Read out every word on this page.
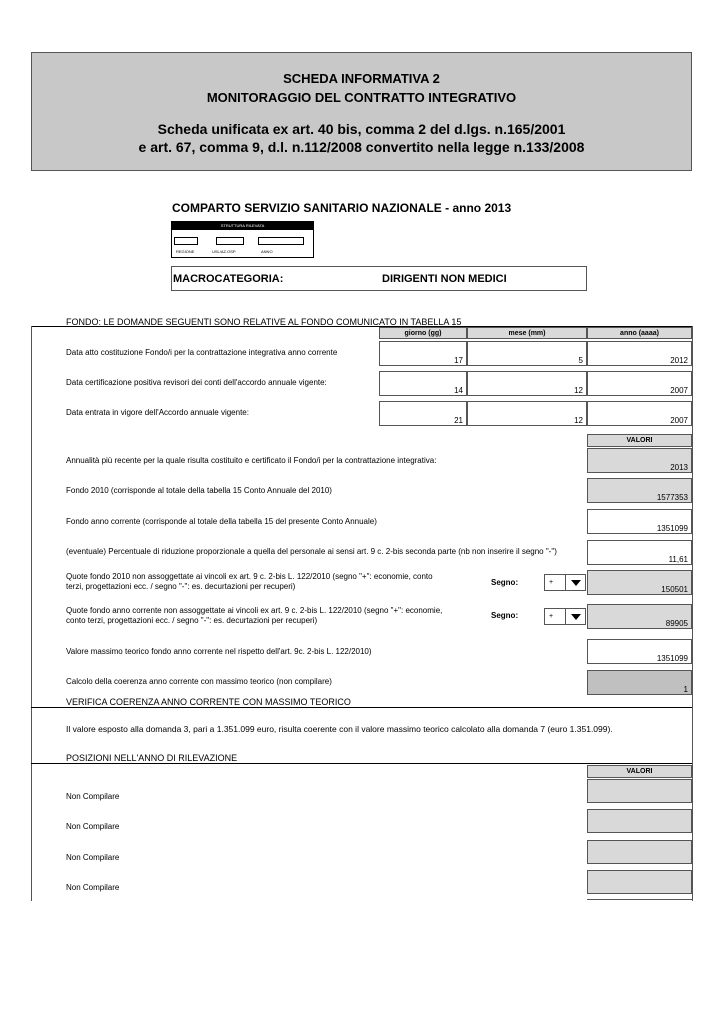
SCHEDA INFORMATIVA 2
MONITORAGGIO DEL CONTRATTO INTEGRATIVO
Scheda unificata ex art. 40 bis, comma 2 del d.lgs. n.165/2001
e art. 67, comma 9, d.l. n.112/2008 convertito nella legge n.133/2008
COMPARTO SERVIZIO SANITARIO NAZIONALE - anno 2013
STRUTTURA RILEVATA
REGIONE	USL/AZ.OSP.	ANNO
MACROCATEGORIA:	DIRIGENTI NON MEDICI
FONDO: LE DOMANDE SEGUENTI SONO RELATIVE AL FONDO COMUNICATO IN TABELLA 15
giorno (gg)	mese (mm)	anno (aaaa)
Data atto costituzione Fondo/i per la contrattazione integrativa anno corrente
17	5	2012
Data certificazione positiva revisori dei conti dell'accordo annuale vigente:
14	12	2007
Data entrata in vigore dell'Accordo annuale vigente:
21	12	2007
VALORI
Annualità più recente per la quale risulta costituito e certificato il Fondo/i per la contrattazione integrativa:
2013
Fondo 2010 (corrisponde al totale della tabella 15 Conto Annuale del 2010)
1577353
Fondo anno corrente (corrisponde al totale della tabella 15 del presente Conto Annuale)
1351099
(eventuale) Percentuale di riduzione proporzionale a quella del personale ai sensi art. 9 c. 2-bis seconda parte (nb non inserire il segno "-")
11,61
Quote fondo 2010 non assoggettate ai vincoli ex art. 9 c. 2-bis L. 122/2010 (segno "+": economie, conto
terzi, progettazioni ecc. / segno "-": es. decurtazioni per recuperi)	Segno:	+
150501
Quote fondo anno corrente non assoggettate ai vincoli ex art. 9 c. 2-bis L. 122/2010 (segno "+": economie,
conto terzi, progettazioni ecc. / segno "-": es. decurtazioni per recuperi)
Segno:	+
89905
Valore massimo teorico fondo anno corrente nel rispetto dell'art. 9c. 2-bis L. 122/2010)
1351099
Calcolo della coerenza anno corrente con massimo teorico (non compilare)
1
VERIFICA COERENZA ANNO CORRENTE CON MASSIMO TEORICO
Il valore esposto alla domanda 3, pari a 1.351.099 euro, risulta coerente con il valore massimo teorico calcolato alla domanda 7 (euro 1.351.099).
POSIZIONI NELL'ANNO DI RILEVAZIONE
VALORI
Non Compilare
Non Compilare
Non Compilare
Non Compilare
